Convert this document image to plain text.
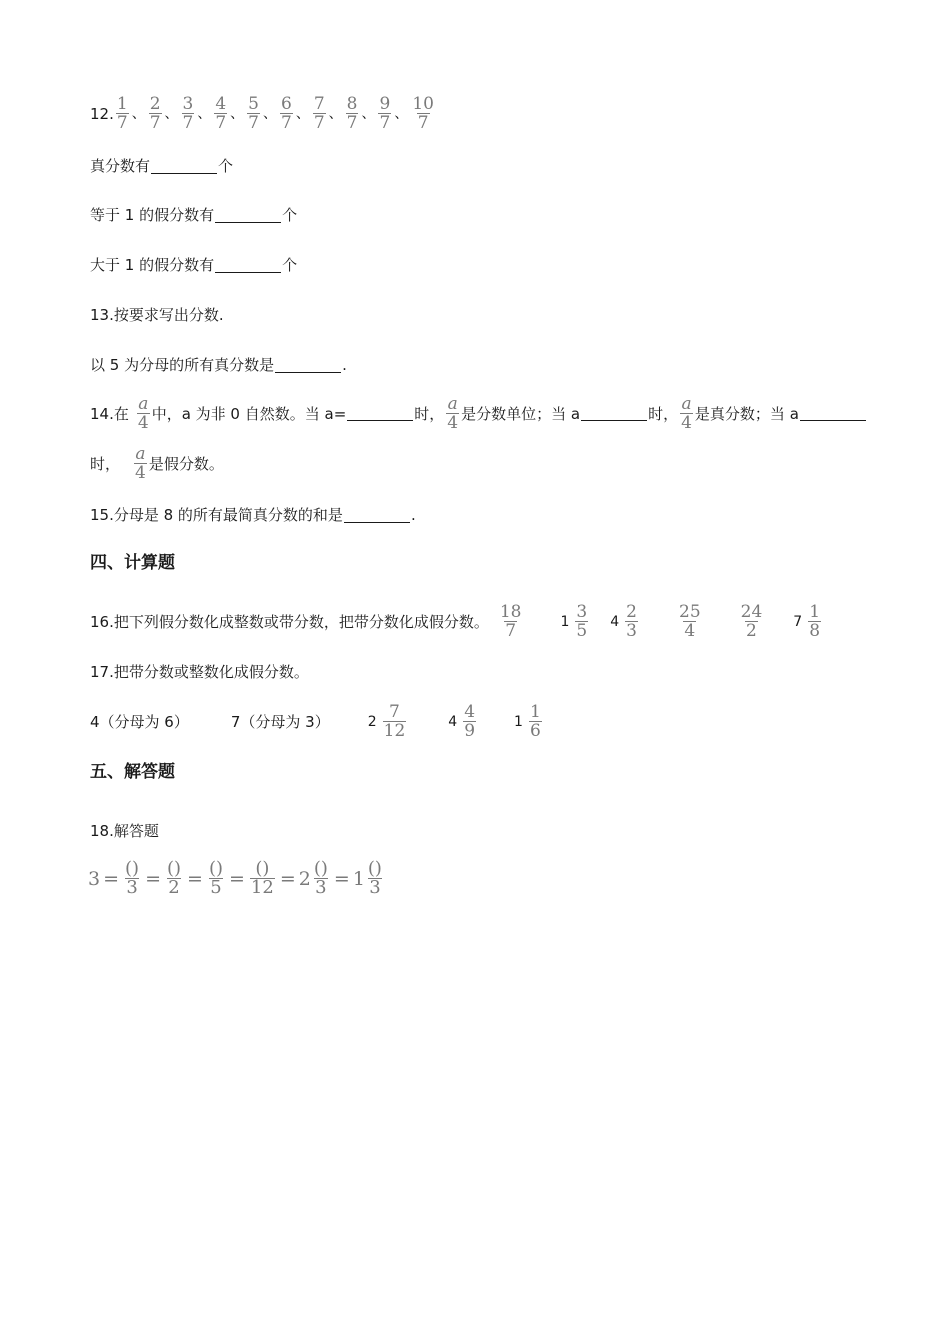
12. $\frac{1}{7}$ 、 $\frac{2}{7}$ 、 $\frac{3}{7}$ 、 $\frac{4}{7}$ 、 $\frac{5}{7}$ 、 $\frac{6}{7}$ 、 $\frac{7}{7}$ 、 $\frac{8}{7}$ 、 $\frac{9}{7}$ 、 $\frac{10}{7}$
真分数有	个
等于 1 的假分数有	个
大于 1 的假分数有	个
13.按要求写出分数.
以 5 为分母的所有真分数是	.
14.在 $\frac{a}{4}$ 中，a 为非 0 自然数。当 a=	时， $\frac{a}{4}$ 是分数单位；当 a	时， $\frac{a}{4}$ 是真分数；当 a
时， $\frac{a}{4}$ 是假分数。
15.分母是 8 的所有最简真分数的和是	.
四、计算题
16.把下列假分数化成整数或带分数，把带分数化成假分数。 $\frac{18}{7}$	$1 \frac{3}{5} 4 \frac{2}{3} \frac{25}{4} \frac{24}{2} 7 \frac{1}{8}$
17.把带分数或整数化成假分数。
4（分母为 6）	7（分母为 3）	$2 \frac{7}{12}$	$4 \frac{4}{9}$	$1 \frac{1}{6}$
五、解答题
18.解答题
$3 = \frac{()}{3} = \frac{()}{2} = \frac{()}{5} = \frac{()}{12} = 2 \frac{()}{3} = 1 \frac{()}{3}$
